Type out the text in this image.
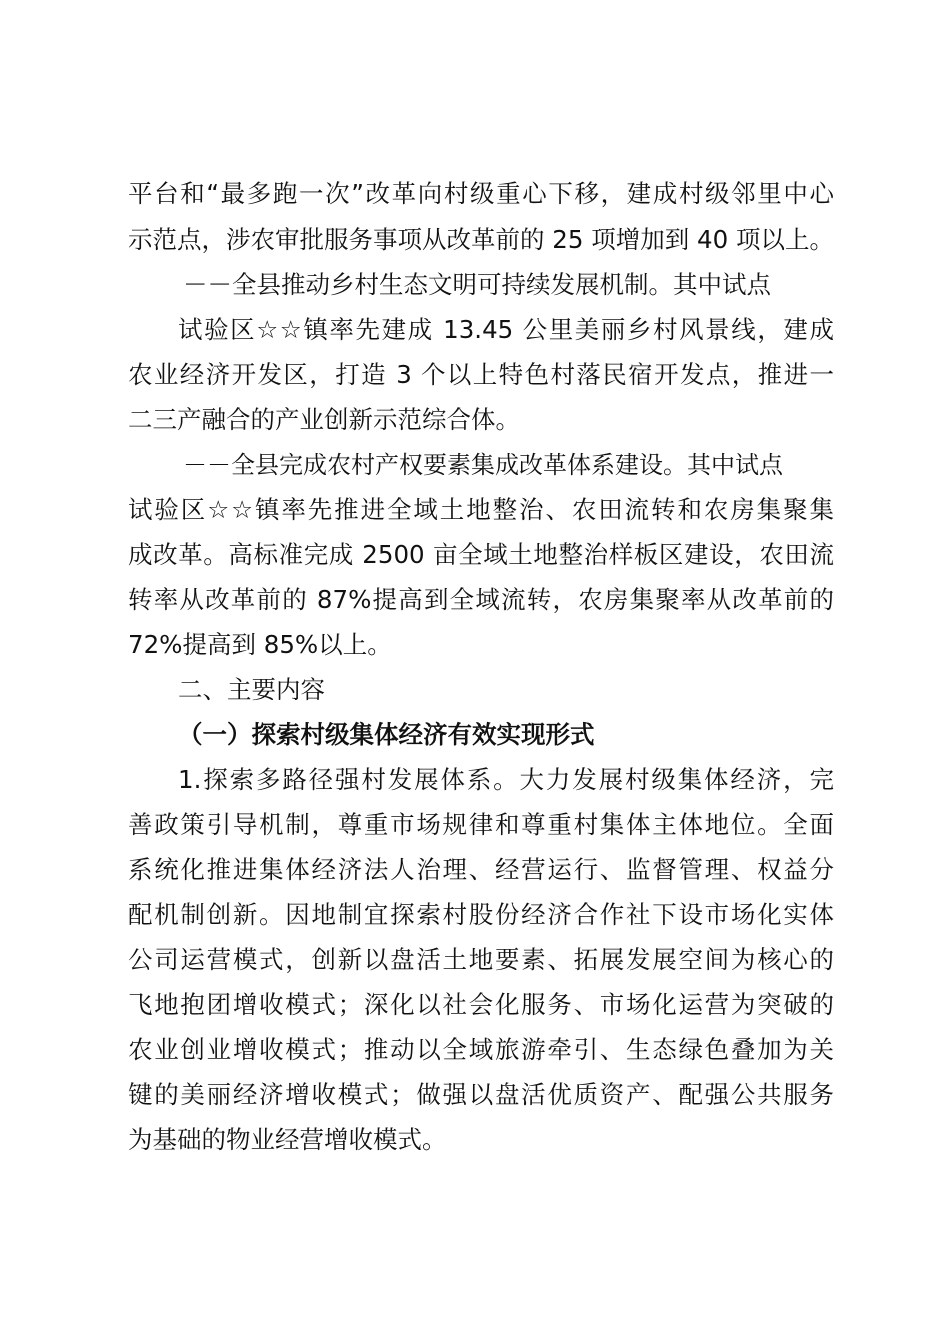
平台和“最多跑一次”改革向村级重心下移，建成村级邻里中心
示范点，涉农审批服务事项从改革前的 25 项增加到 40 项以上。
－－全县推动乡村生态文明可持续发展机制。其中试点
试验区☆☆镇率先建成 13.45 公里美丽乡村风景线，建成
农业经济开发区，打造 3 个以上特色村落民宿开发点，推进一
二三产融合的产业创新示范综合体。
－－全县完成农村产权要素集成改革体系建设。其中试点
试验区☆☆镇率先推进全域土地整治、农田流转和农房集聚集
成改革。高标准完成 2500 亩全域土地整治样板区建设，农田流
转率从改革前的 87%提高到全域流转，农房集聚率从改革前的
72%提高到 85%以上。
二、主要内容
（一）探索村级集体经济有效实现形式
1.探索多路径强村发展体系。大力发展村级集体经济，完
善政策引导机制，尊重市场规律和尊重村集体主体地位。全面
系统化推进集体经济法人治理、经营运行、监督管理、权益分
配机制创新。因地制宜探索村股份经济合作社下设市场化实体
公司运营模式，创新以盘活土地要素、拓展发展空间为核心的
飞地抱团增收模式；深化以社会化服务、市场化运营为突破的
农业创业增收模式；推动以全域旅游牵引、生态绿色叠加为关
键的美丽经济增收模式；做强以盘活优质资产、配强公共服务
为基础的物业经营增收模式。
